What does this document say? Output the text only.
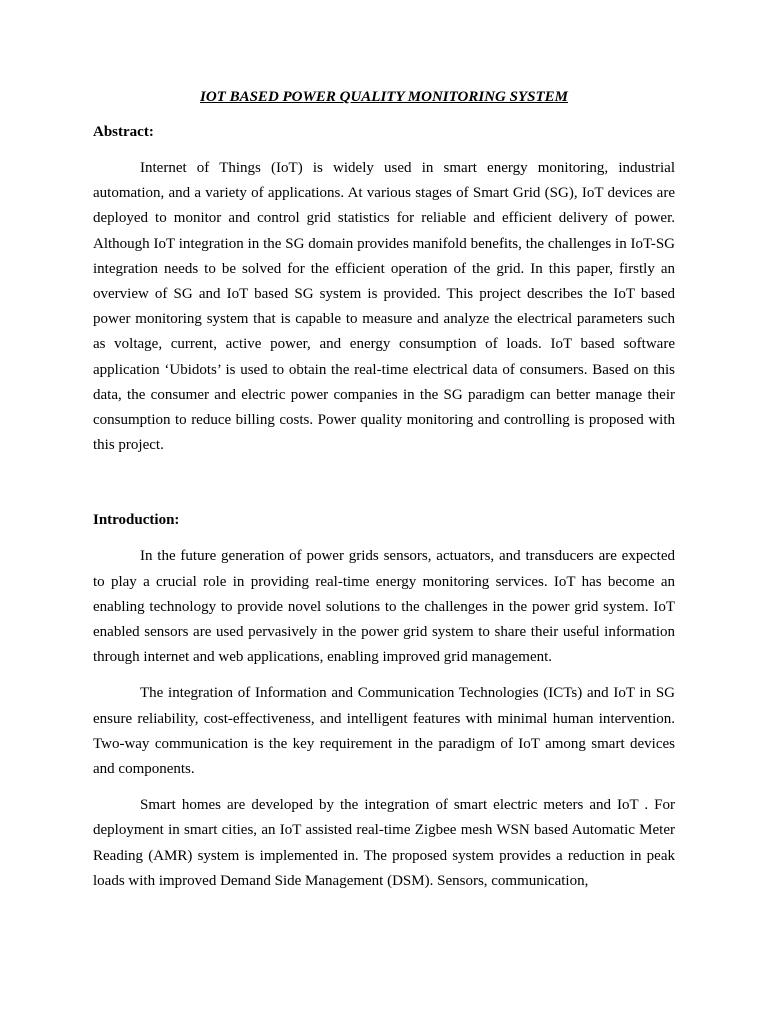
IOT BASED POWER QUALITY MONITORING SYSTEM

Abstract:

Internet of Things (IoT) is widely used in smart energy monitoring, industrial automation, and a variety of applications. At various stages of Smart Grid (SG), IoT devices are deployed to monitor and control grid statistics for reliable and efficient delivery of power. Although IoT integration in the SG domain provides manifold benefits, the challenges in IoT-SG integration needs to be solved for the efficient operation of the grid. In this paper, firstly an overview of SG and IoT based SG system is provided. This project describes the IoT based power monitoring system that is capable to measure and analyze the electrical parameters such as voltage, current, active power, and energy consumption of loads. IoT based software application ‘Ubidots’ is used to obtain the real-time electrical data of consumers. Based on this data, the consumer and electric power companies in the SG paradigm can better manage their consumption to reduce billing costs. Power quality monitoring and controlling is proposed with this project.

Introduction:

In the future generation of power grids sensors, actuators, and transducers are expected to play a crucial role in providing real-time energy monitoring services. IoT has become an enabling technology to provide novel solutions to the challenges in the power grid system. IoT enabled sensors are used pervasively in the power grid system to share their useful information through internet and web applications, enabling improved grid management.

The integration of Information and Communication Technologies (ICTs) and IoT in SG ensure reliability, cost-effectiveness, and intelligent features with minimal human intervention. Two-way communication is the key requirement in the paradigm of IoT among smart devices and components.

Smart homes are developed by the integration of smart electric meters and IoT . For deployment in smart cities, an IoT assisted real-time Zigbee mesh WSN based Automatic Meter Reading (AMR) system is implemented in. The proposed system provides a reduction in peak loads with improved Demand Side Management (DSM). Sensors, communication,
